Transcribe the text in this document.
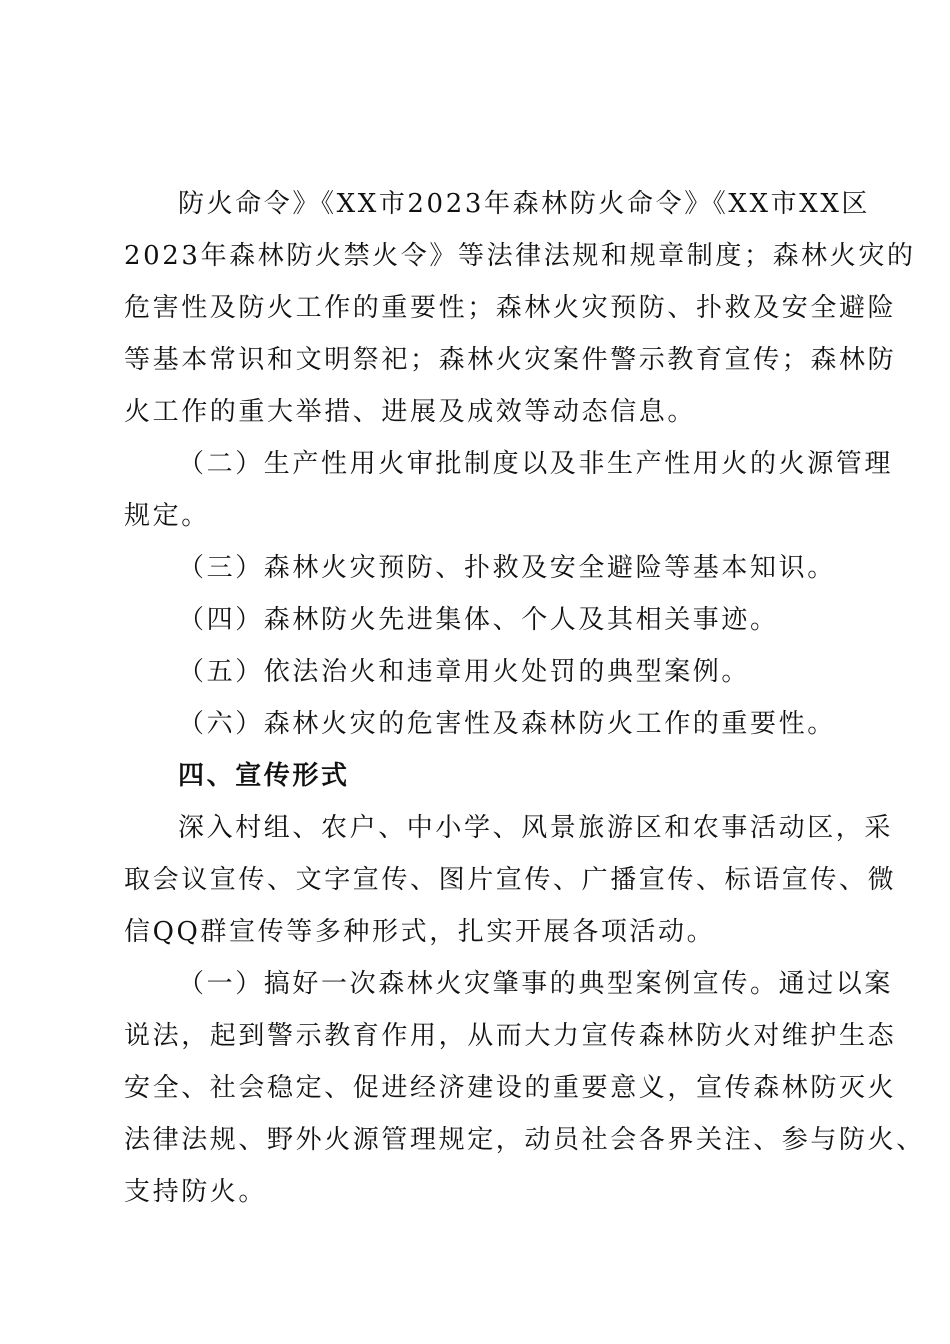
防火命令》《XX市2023年森林防火命令》《XX市XX区
2023年森林防火禁火令》等法律法规和规章制度；森林火灾的
危害性及防火工作的重要性；森林火灾预防、扑救及安全避险
等基本常识和文明祭祀；森林火灾案件警示教育宣传；森林防
火工作的重大举措、进展及成效等动态信息。
（二）生产性用火审批制度以及非生产性用火的火源管理
规定。
（三）森林火灾预防、扑救及安全避险等基本知识。
（四）森林防火先进集体、个人及其相关事迹。
（五）依法治火和违章用火处罚的典型案例。
（六）森林火灾的危害性及森林防火工作的重要性。
四、宣传形式
深入村组、农户、中小学、风景旅游区和农事活动区，采
取会议宣传、文字宣传、图片宣传、广播宣传、标语宣传、微
信QQ群宣传等多种形式，扎实开展各项活动。
（一）搞好一次森林火灾肇事的典型案例宣传。通过以案
说法，起到警示教育作用，从而大力宣传森林防火对维护生态
安全、社会稳定、促进经济建设的重要意义，宣传森林防灭火
法律法规、野外火源管理规定，动员社会各界关注、参与防火、
支持防火。
